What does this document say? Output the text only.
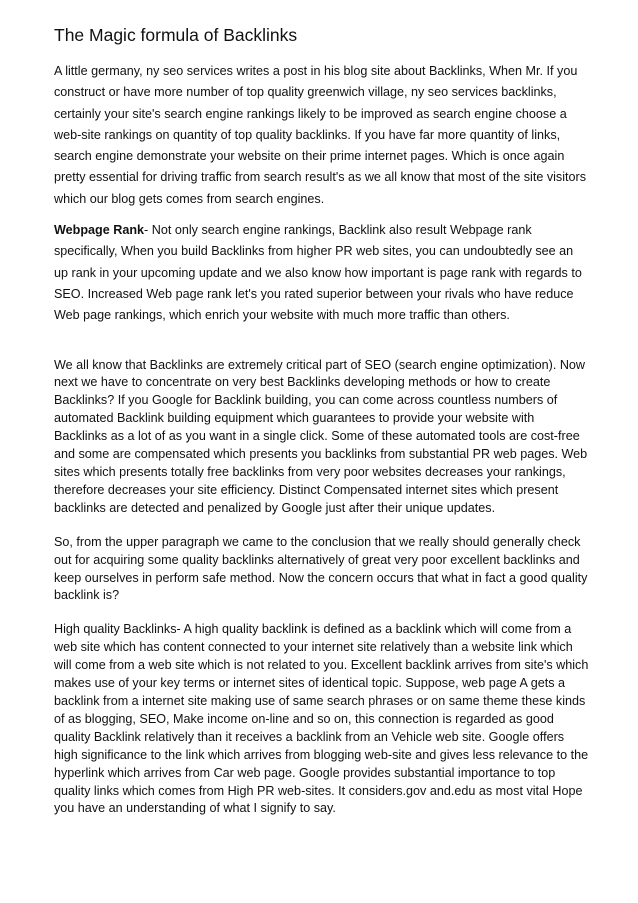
The Magic formula of Backlinks

A little germany, ny seo services writes a post in his blog site about Backlinks, When Mr. If you construct or have more number of top quality greenwich village, ny seo services backlinks, certainly your site's search engine rankings likely to be improved as search engine choose a web-site rankings on quantity of top quality backlinks. If you have far more quantity of links, search engine demonstrate your website on their prime internet pages. Which is once again pretty essential for driving traffic from search result's as we all know that most of the site visitors which our blog gets comes from search engines.

Webpage Rank- Not only search engine rankings, Backlink also result Webpage rank specifically, When you build Backlinks from higher PR web sites, you can undoubtedly see an up rank in your upcoming update and we also know how important is page rank with regards to SEO. Increased Web page rank let's you rated superior between your rivals who have reduce Web page rankings, which enrich your website with much more traffic than others.

We all know that Backlinks are extremely critical part of SEO (search engine optimization). Now next we have to concentrate on very best Backlinks developing methods or how to create Backlinks? If you Google for Backlink building, you can come across countless numbers of automated Backlink building equipment which guarantees to provide your website with Backlinks as a lot of as you want in a single click. Some of these automated tools are cost-free and some are compensated which presents you backlinks from substantial PR web pages. Web sites which presents totally free backlinks from very poor websites decreases your rankings, therefore decreases your site efficiency. Distinct Compensated internet sites which present backlinks are detected and penalized by Google just after their unique updates.

So, from the upper paragraph we came to the conclusion that we really should generally check out for acquiring some quality backlinks alternatively of great very poor excellent backlinks and keep ourselves in perform safe method. Now the concern occurs that what in fact a good quality backlink is?

High quality Backlinks- A high quality backlink is defined as a backlink which will come from a web site which has content connected to your internet site relatively than a website link which will come from a web site which is not related to you. Excellent backlink arrives from site's which makes use of your key terms or internet sites of identical topic. Suppose, web page A gets a backlink from a internet site making use of same search phrases or on same theme these kinds of as blogging, SEO, Make income on-line and so on, this connection is regarded as good quality Backlink relatively than it receives a backlink from an Vehicle web site. Google offers high significance to the link which arrives from blogging web-site and gives less relevance to the hyperlink which arrives from Car web page. Google provides substantial importance to top quality links which comes from High PR web-sites. It considers.gov and.edu as most vital Hope you have an understanding of what I signify to say.
